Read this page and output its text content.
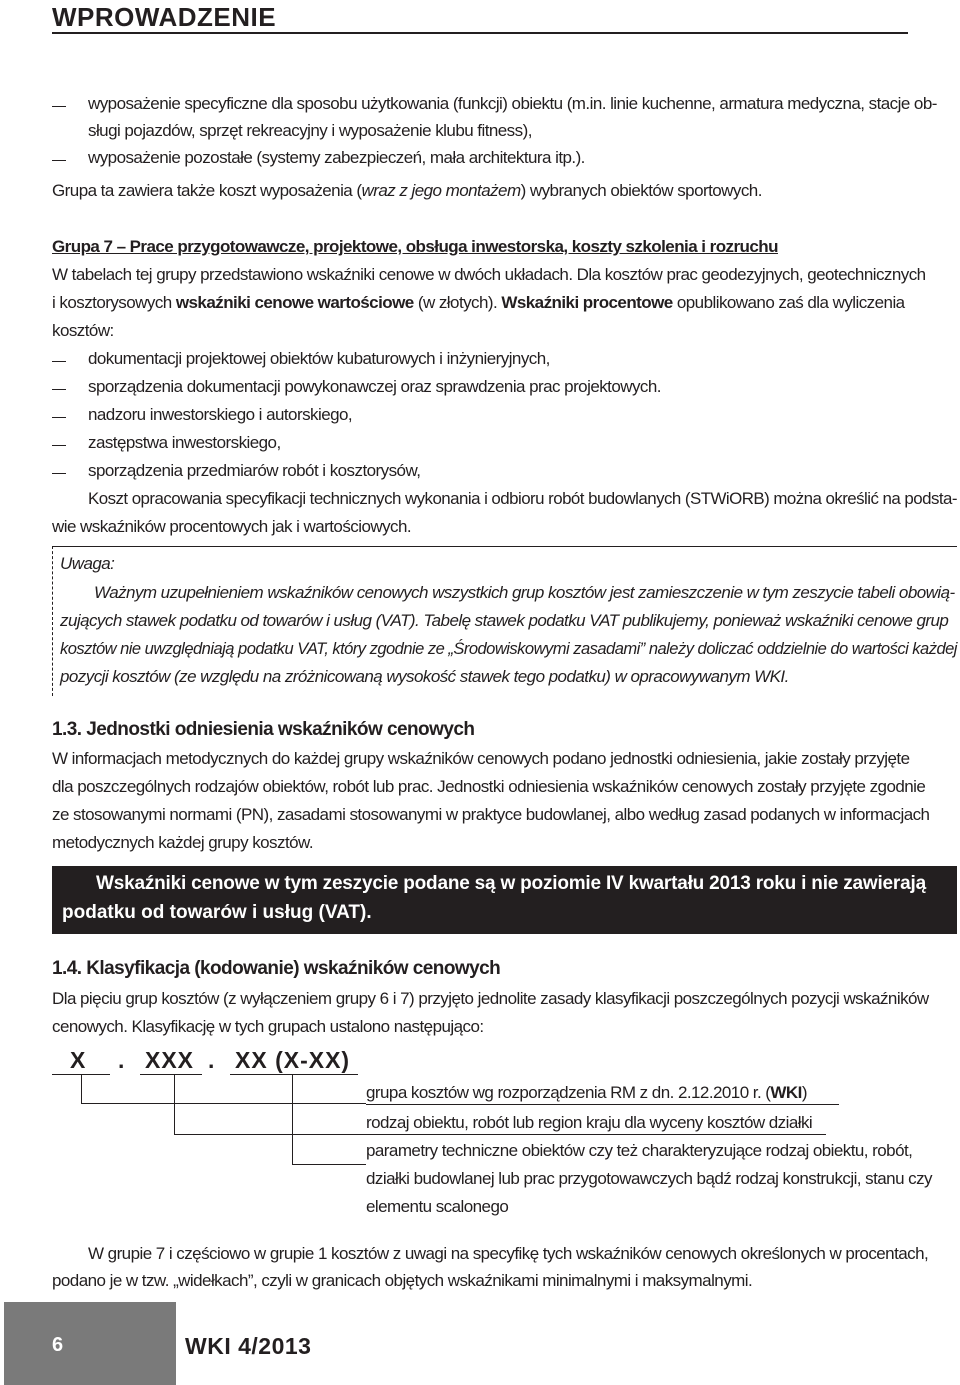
WPROWADZENIE
wyposażenie specyficzne dla sposobu użytkowania (funkcji) obiektu (m.in. linie kuchenne, armatura medyczna, stacje ob-
sługi pojazdów, sprzęt rekreacyjny i wyposażenie klubu fitness),
wyposażenie pozostałe (systemy zabezpieczeń, mała architektura itp.).
Grupa ta zawiera także koszt wyposażenia (wraz z jego montażem) wybranych obiektów sportowych.
Grupa 7 – Prace przygotowawcze, projektowe, obsługa inwestorska, koszty szkolenia i rozruchu
W tabelach tej grupy przedstawiono wskaźniki cenowe w dwóch układach. Dla kosztów prac geodezyjnych, geotechnicznych
i kosztorysowych wskaźniki cenowe wartościowe (w złotych). Wskaźniki procentowe opublikowano zaś dla wyliczenia
kosztów:
dokumentacji projektowej obiektów kubaturowych i inżynieryjnych,
sporządzenia dokumentacji powykonawczej oraz sprawdzenia prac projektowych.
nadzoru inwestorskiego i autorskiego,
zastępstwa inwestorskiego,
sporządzenia przedmiarów robót i kosztorysów,
Koszt opracowania specyfikacji technicznych wykonania i odbioru robót budowlanych (STWiORB) można określić na podsta-
wie wskaźników procentowych jak i wartościowych.
Uwaga:
Ważnym uzupełnieniem wskaźników cenowych wszystkich grup kosztów jest zamieszczenie w tym zeszycie tabeli obowią-
zujących stawek podatku od towarów i usług (VAT). Tabelę stawek podatku VAT publikujemy, ponieważ wskaźniki cenowe grup
kosztów nie uwzględniają podatku VAT, który zgodnie ze „Środowiskowymi zasadami” należy doliczać oddzielnie do wartości każdej
pozycji kosztów (ze względu na zróżnicowaną wysokość stawek tego podatku) w opracowywanym WKI.
1.3. Jednostki odniesienia wskaźników cenowych
W informacjach metodycznych do każdej grupy wskaźników cenowych podano jednostki odniesienia, jakie zostały przyjęte
dla poszczególnych rodzajów obiektów, robót lub prac. Jednostki odniesienia wskaźników cenowych zostały przyjęte zgodnie
ze stosowanymi normami (PN), zasadami stosowanymi w praktyce budowlanej, albo według zasad podanych w informacjach
metodycznych każdej grupy kosztów.
Wskaźniki cenowe w tym zeszycie podane są w poziomie IV kwartału 2013 roku i nie zawierają
podatku od towarów i usług (VAT).
1.4. Klasyfikacja (kodowanie) wskaźników cenowych
Dla pięciu grup kosztów (z wyłączeniem grupy 6 i 7) przyjęto jednolite zasady klasyfikacji poszczególnych pozycji wskaźników
cenowych. Klasyfikację w tych grupach ustalono następująco:
X . XXX . XX (X-XX)
grupa kosztów wg rozporządzenia RM z dn. 2.12.2010 r. (WKI)
rodzaj obiektu, robót lub region kraju dla wyceny kosztów działki
parametry techniczne obiektów czy też charakteryzujące rodzaj obiektu, robót,
działki budowlanej lub prac przygotowawczych bądź rodzaj konstrukcji, stanu czy
elementu scalonego
W grupie 7 i częściowo w grupie 1 kosztów z uwagi na specyfikę tych wskaźników cenowych określonych w procentach,
podano je w tzw. „widełkach”, czyli w granicach objętych wskaźnikami minimalnymi i maksymalnymi.
6	WKI 4/2013
